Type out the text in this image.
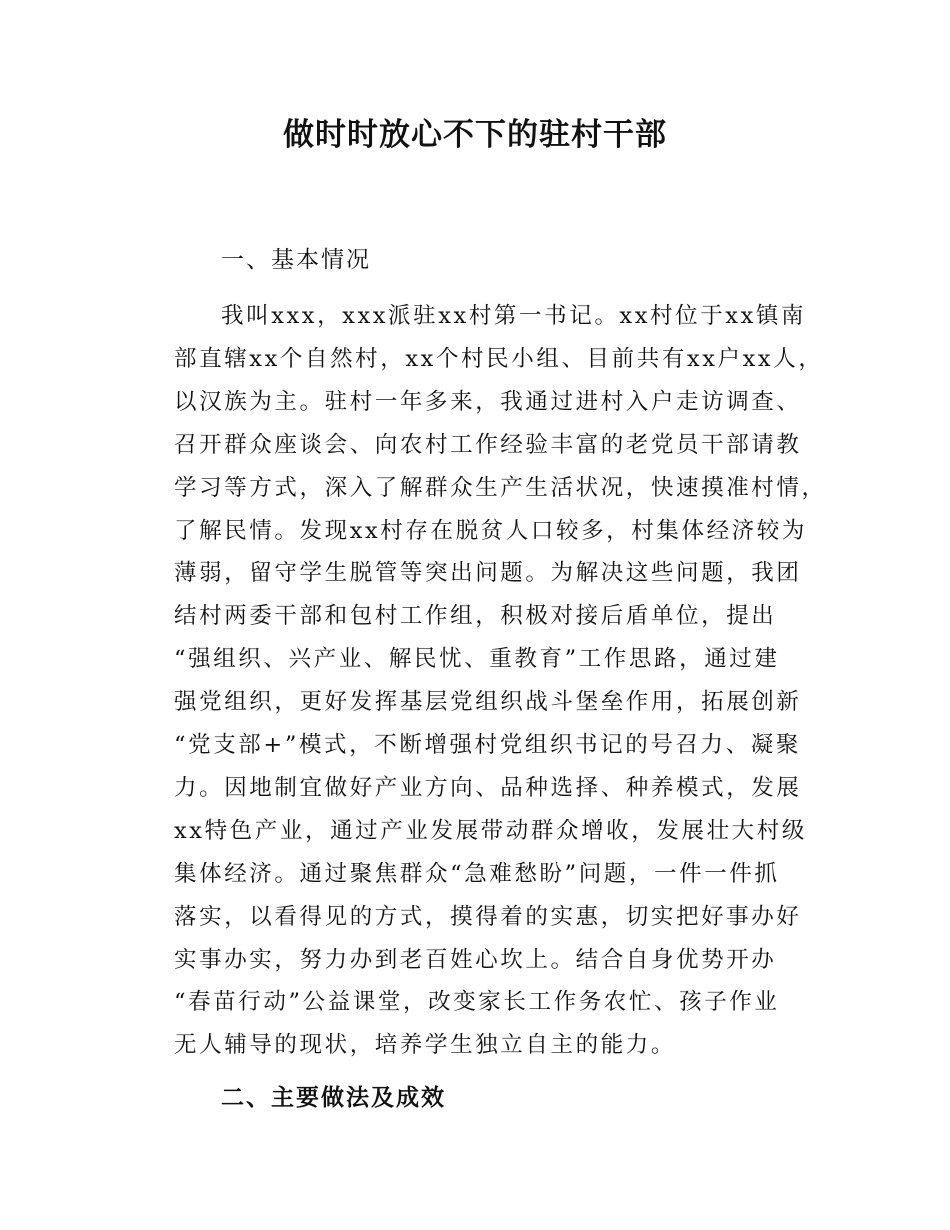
做时时放心不下的驻村干部
一、基本情况
我叫xxx，xxx派驻xx村第一书记。xx村位于xx镇南
部直辖xx个自然村，xx个村民小组、目前共有xx户xx人，
以汉族为主。驻村一年多来，我通过进村入户走访调查、
召开群众座谈会、向农村工作经验丰富的老党员干部请教
学习等方式，深入了解群众生产生活状况，快速摸准村情，
了解民情。发现xx村存在脱贫人口较多，村集体经济较为
薄弱，留守学生脱管等突出问题。为解决这些问题，我团
结村两委干部和包村工作组，积极对接后盾单位，提出
“强组织、兴产业、解民忧、重教育”工作思路，通过建
强党组织，更好发挥基层党组织战斗堡垒作用，拓展创新
“党支部+”模式，不断增强村党组织书记的号召力、凝聚
力。因地制宜做好产业方向、品种选择、种养模式，发展
xx特色产业，通过产业发展带动群众增收，发展壮大村级
集体经济。通过聚焦群众“急难愁盼”问题，一件一件抓
落实，以看得见的方式，摸得着的实惠，切实把好事办好
实事办实，努力办到老百姓心坎上。结合自身优势开办
“春苗行动”公益课堂，改变家长工作务农忙、孩子作业
无人辅导的现状，培养学生独立自主的能力。
二、主要做法及成效
